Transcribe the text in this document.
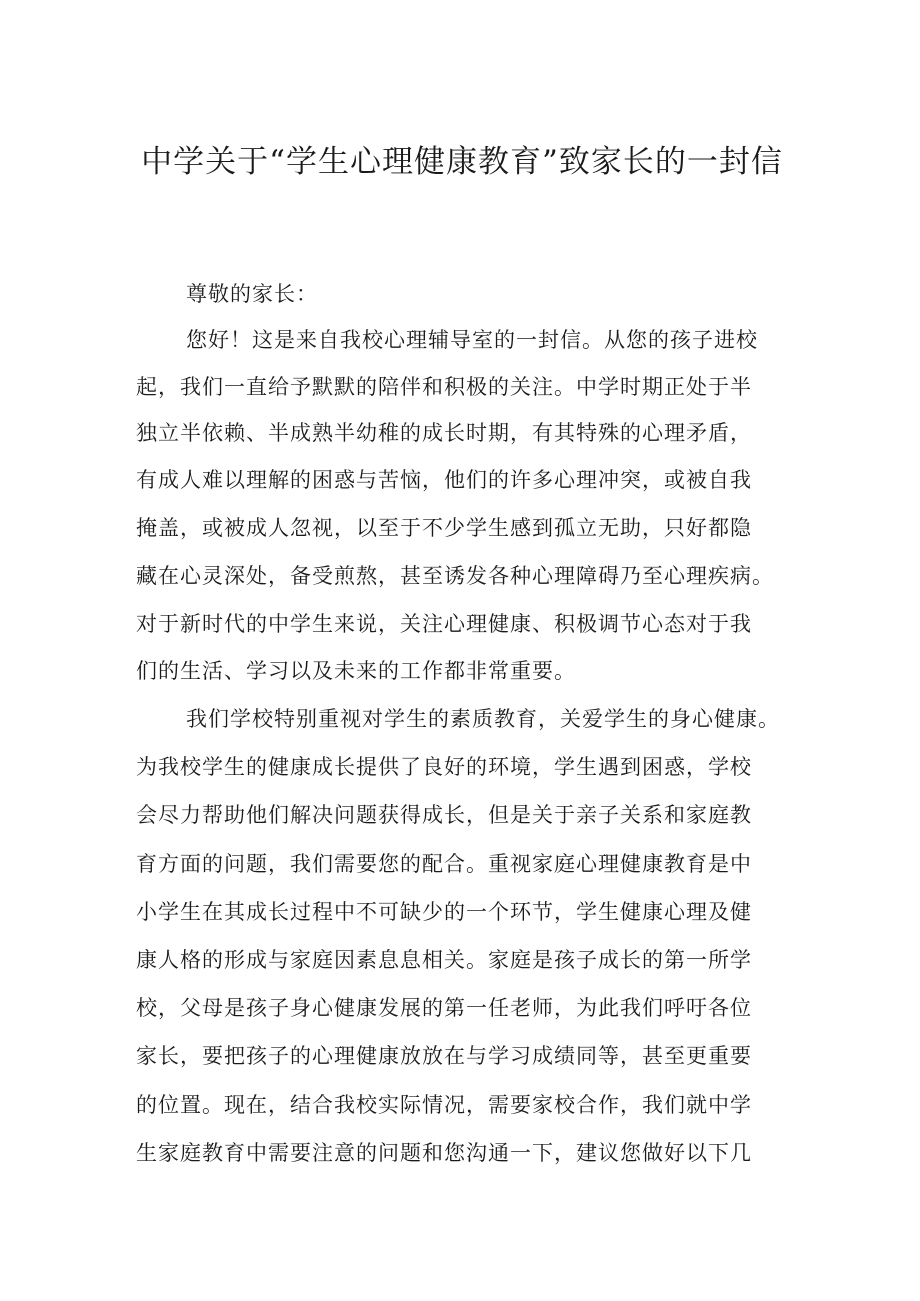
中学关于“学生心理健康教育”致家长的一封信
尊敬的家长：
您好！这是来自我校心理辅导室的一封信。从您的孩子进校
起，我们一直给予默默的陪伴和积极的关注。中学时期正处于半
独立半依赖、半成熟半幼稚的成长时期，有其特殊的心理矛盾，
有成人难以理解的困惑与苦恼，他们的许多心理冲突，或被自我
掩盖，或被成人忽视，以至于不少学生感到孤立无助，只好都隐
藏在心灵深处，备受煎熬，甚至诱发各种心理障碍乃至心理疾病。
对于新时代的中学生来说，关注心理健康、积极调节心态对于我
们的生活、学习以及未来的工作都非常重要。
我们学校特别重视对学生的素质教育，关爱学生的身心健康。
为我校学生的健康成长提供了良好的环境，学生遇到困惑，学校
会尽力帮助他们解决问题获得成长，但是关于亲子关系和家庭教
育方面的问题，我们需要您的配合。重视家庭心理健康教育是中
小学生在其成长过程中不可缺少的一个环节，学生健康心理及健
康人格的形成与家庭因素息息相关。家庭是孩子成长的第一所学
校，父母是孩子身心健康发展的第一任老师，为此我们呼吁各位
家长，要把孩子的心理健康放放在与学习成绩同等，甚至更重要
的位置。现在，结合我校实际情况，需要家校合作，我们就中学
生家庭教育中需要注意的问题和您沟通一下，建议您做好以下几
